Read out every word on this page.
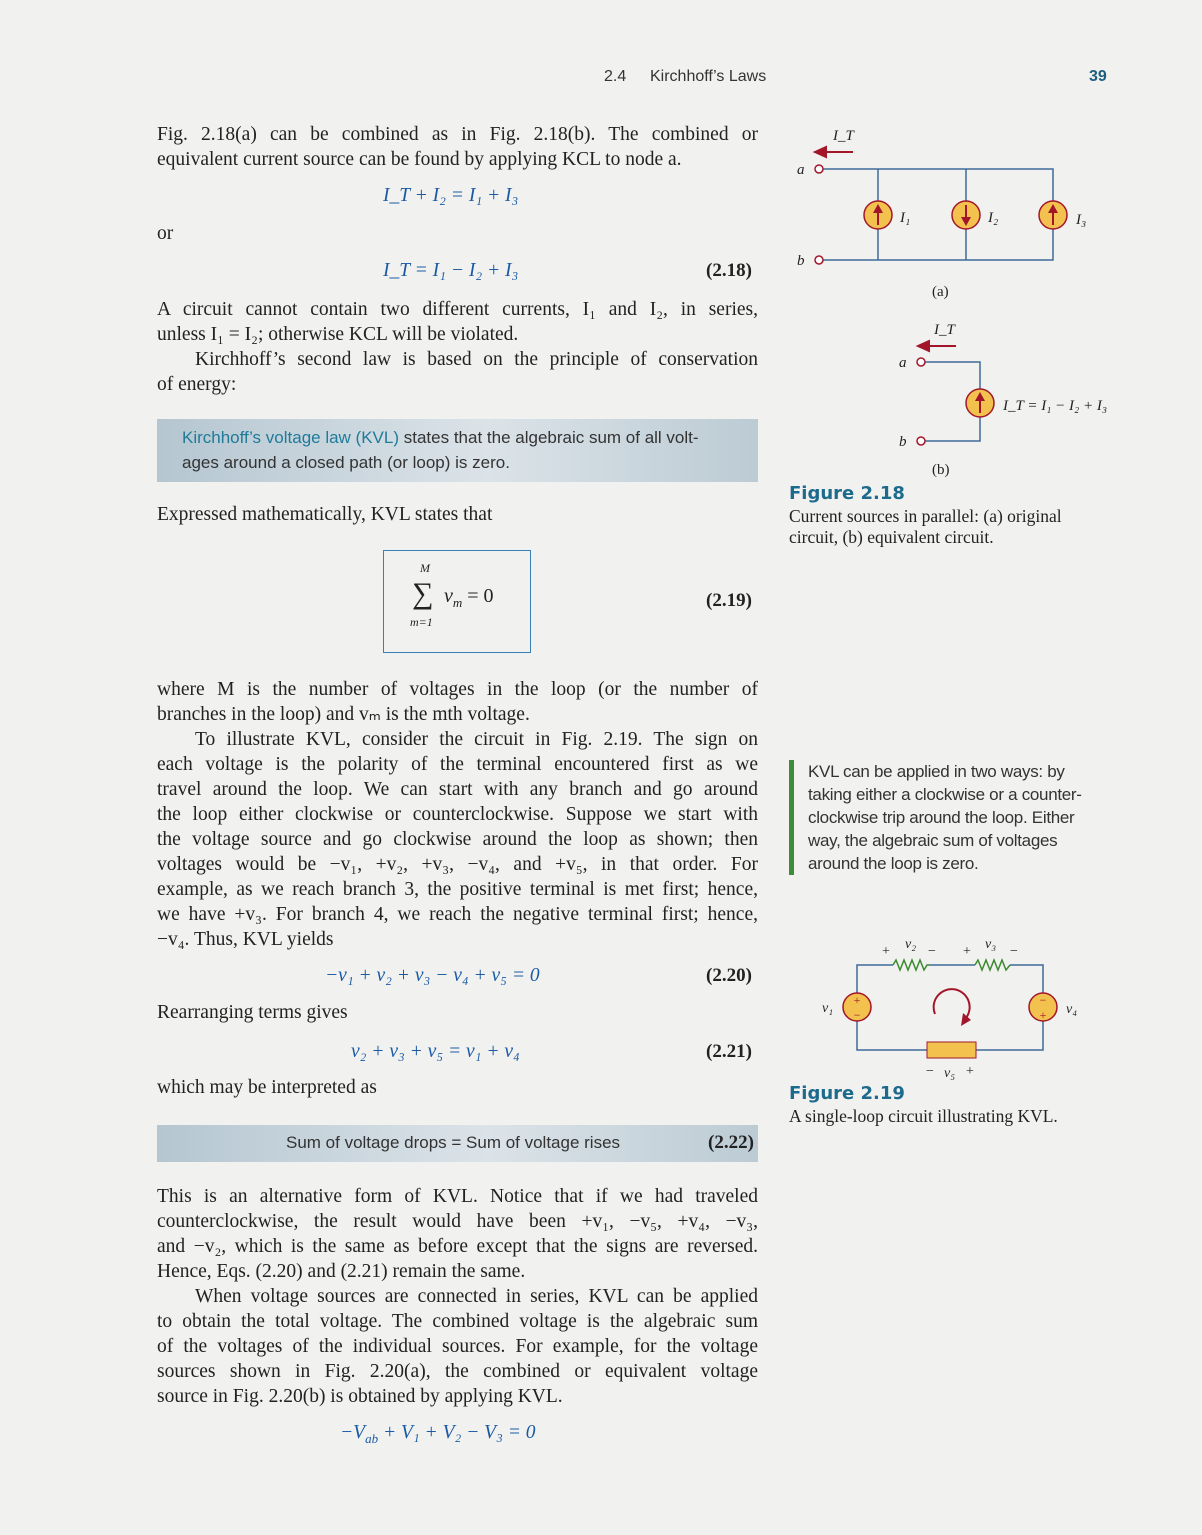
2.4 Kirchhoff’s Laws	39
Fig. 2.18(a) can be combined as in Fig. 2.18(b). The combined or
equivalent current source can be found by applying KCL to node a.
I_T + I₂ = I₁ + I₃
or
I_T = I₁ − I₂ + I₃	(2.18)
A circuit cannot contain two different currents, I₁ and I₂, in series,
unless I₁ = I₂; otherwise KCL will be violated.
Kirchhoff’s second law is based on the principle of conservation
of energy:
Kirchhoff’s voltage law (KVL) states that the algebraic sum of all volt-
ages around a closed path (or loop) is zero.
Expressed mathematically, KVL states that
M
∑
m=1
$v_m = 0$	(2.19)
where M is the number of voltages in the loop (or the number of
branches in the loop) and vₘ is the mth voltage.
To illustrate KVL, consider the circuit in Fig. 2.19. The sign on
each voltage is the polarity of the terminal encountered first as we
travel around the loop. We can start with any branch and go around
the loop either clockwise or counterclockwise. Suppose we start with
the voltage source and go clockwise around the loop as shown; then
voltages would be −v₁, +v₂, +v₃, −v₄, and +v₅, in that order. For
example, as we reach branch 3, the positive terminal is met first; hence,
we have +v₃. For branch 4, we reach the negative terminal first; hence,
−v₄. Thus, KVL yields
−v₁ + v₂ + v₃ − v₄ + v₅ = 0	(2.20)
Rearranging terms gives
v₂ + v₃ + v₅ = v₁ + v₄	(2.21)
which may be interpreted as
Sum of voltage drops = Sum of voltage rises	(2.22)
This is an alternative form of KVL. Notice that if we had traveled
counterclockwise, the result would have been +v₁, −v₅, +v₄, −v₃,
and −v₂, which is the same as before except that the signs are reversed.
Hence, Eqs. (2.20) and (2.21) remain the same.
When voltage sources are connected in series, KVL can be applied
to obtain the total voltage. The combined voltage is the algebraic sum
of the voltages of the individual sources. For example, for the voltage
sources shown in Fig. 2.20(a), the combined or equivalent voltage
source in Fig. 2.20(b) is obtained by applying KVL.
$-V_{ab} + V_1 + V_2 - V_3 = 0$
I_T
a
b
I₁	I₂	I₃
I_T
a
b
I_T = I₁ − I₂ + I₃
(a)
(b)
Figure 2.18
Current sources in parallel: (a) original
circuit, (b) equivalent circuit.
KVL can be applied in two ways: by
taking either a clockwise or a counter-
clockwise trip around the loop. Either
way, the algebraic sum of voltages
around the loop is zero.
+
−
−
+
+ v₂ − + v₃ −
v₁	v₄
− v₅ +
Figure 2.19
A single-loop circuit illustrating KVL.
